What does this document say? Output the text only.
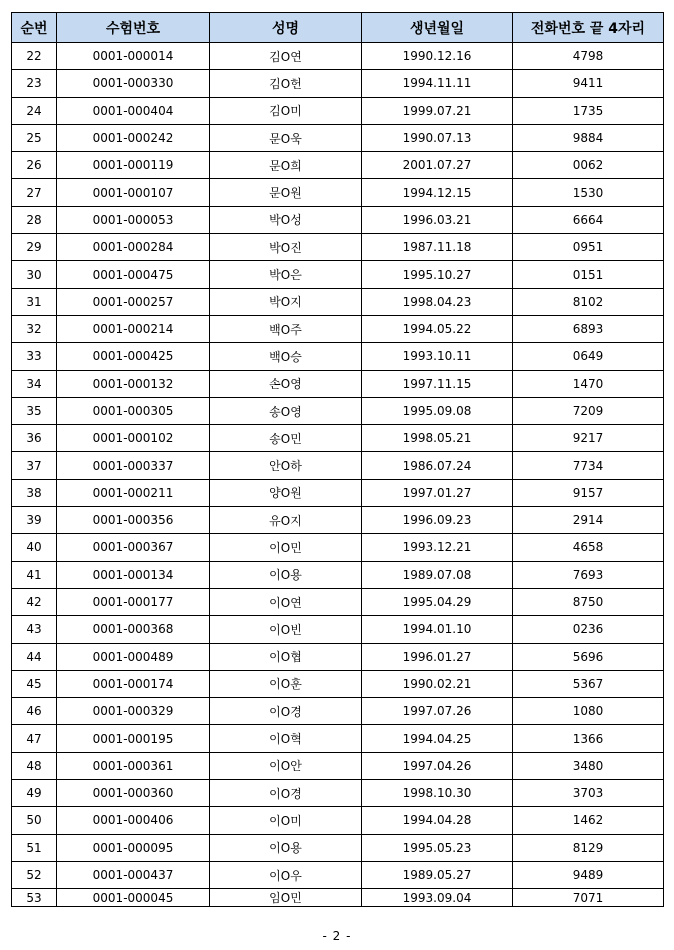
순번	수험번호	성명	생년월일	전화번호 끝 4자리
22	0001-000014	김O연	1990.12.16	4798
23	0001-000330	김O헌	1994.11.11	9411
24	0001-000404	김O미	1999.07.21	1735
25	0001-000242	문O욱	1990.07.13	9884
26	0001-000119	문O희	2001.07.27	0062
27	0001-000107	문O원	1994.12.15	1530
28	0001-000053	박O성	1996.03.21	6664
29	0001-000284	박O진	1987.11.18	0951
30	0001-000475	박O은	1995.10.27	0151
31	0001-000257	박O지	1998.04.23	8102
32	0001-000214	백O주	1994.05.22	6893
33	0001-000425	백O승	1993.10.11	0649
34	0001-000132	손O영	1997.11.15	1470
35	0001-000305	송O영	1995.09.08	7209
36	0001-000102	송O민	1998.05.21	9217
37	0001-000337	안O하	1986.07.24	7734
38	0001-000211	양O원	1997.01.27	9157
39	0001-000356	유O지	1996.09.23	2914
40	0001-000367	이O민	1993.12.21	4658
41	0001-000134	이O용	1989.07.08	7693
42	0001-000177	이O연	1995.04.29	8750
43	0001-000368	이O빈	1994.01.10	0236
44	0001-000489	이O협	1996.01.27	5696
45	0001-000174	이O훈	1990.02.21	5367
46	0001-000329	이O경	1997.07.26	1080
47	0001-000195	이O혁	1994.04.25	1366
48	0001-000361	이O안	1997.04.26	3480
49	0001-000360	이O경	1998.10.30	3703
50	0001-000406	이O미	1994.04.28	1462
51	0001-000095	이O용	1995.05.23	8129
52	0001-000437	이O우	1989.05.27	9489
53	0001-000045	임O민	1993.09.04	7071
- 2 -
